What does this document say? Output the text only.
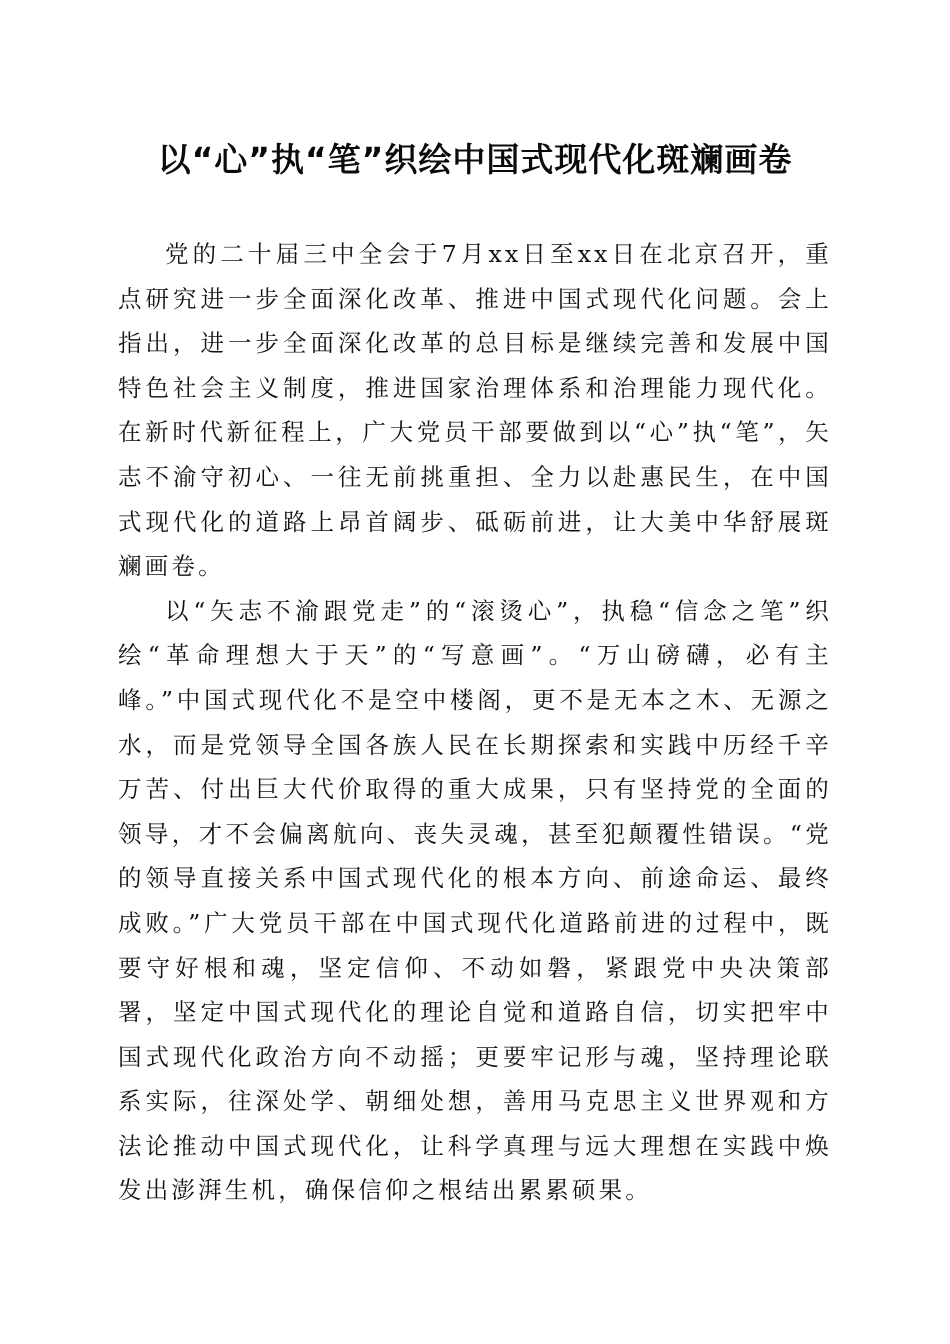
以“心”执“笔”织绘中国式现代化斑斓画卷

党的二十届三中全会于7月xx日至xx日在北京召开，重点研究进一步全面深化改革、推进中国式现代化问题。会上指出，进一步全面深化改革的总目标是继续完善和发展中国特色社会主义制度，推进国家治理体系和治理能力现代化。在新时代新征程上，广大党员干部要做到以“心”执“笔”，矢志不渝守初心、一往无前挑重担、全力以赴惠民生，在中国式现代化的道路上昂首阔步、砥砺前进，让大美中华舒展斑斓画卷。

以“矢志不渝跟党走”的“滚烫心”，执稳“信念之笔”织绘“革命理想大于天”的“写意画”。“万山磅礴，必有主峰。”中国式现代化不是空中楼阁，更不是无本之木、无源之水，而是党领导全国各族人民在长期探索和实践中历经千辛万苦、付出巨大代价取得的重大成果，只有坚持党的全面的领导，才不会偏离航向、丧失灵魂，甚至犯颠覆性错误。“党的领导直接关系中国式现代化的根本方向、前途命运、最终成败。”广大党员干部在中国式现代化道路前进的过程中，既要守好根和魂，坚定信仰、不动如磐，紧跟党中央决策部署，坚定中国式现代化的理论自觉和道路自信，切实把牢中国式现代化政治方向不动摇；更要牢记形与魂，坚持理论联系实际，往深处学、朝细处想，善用马克思主义世界观和方法论推动中国式现代化，让科学真理与远大理想在实践中焕发出澎湃生机，确保信仰之根结出累累硕果。
